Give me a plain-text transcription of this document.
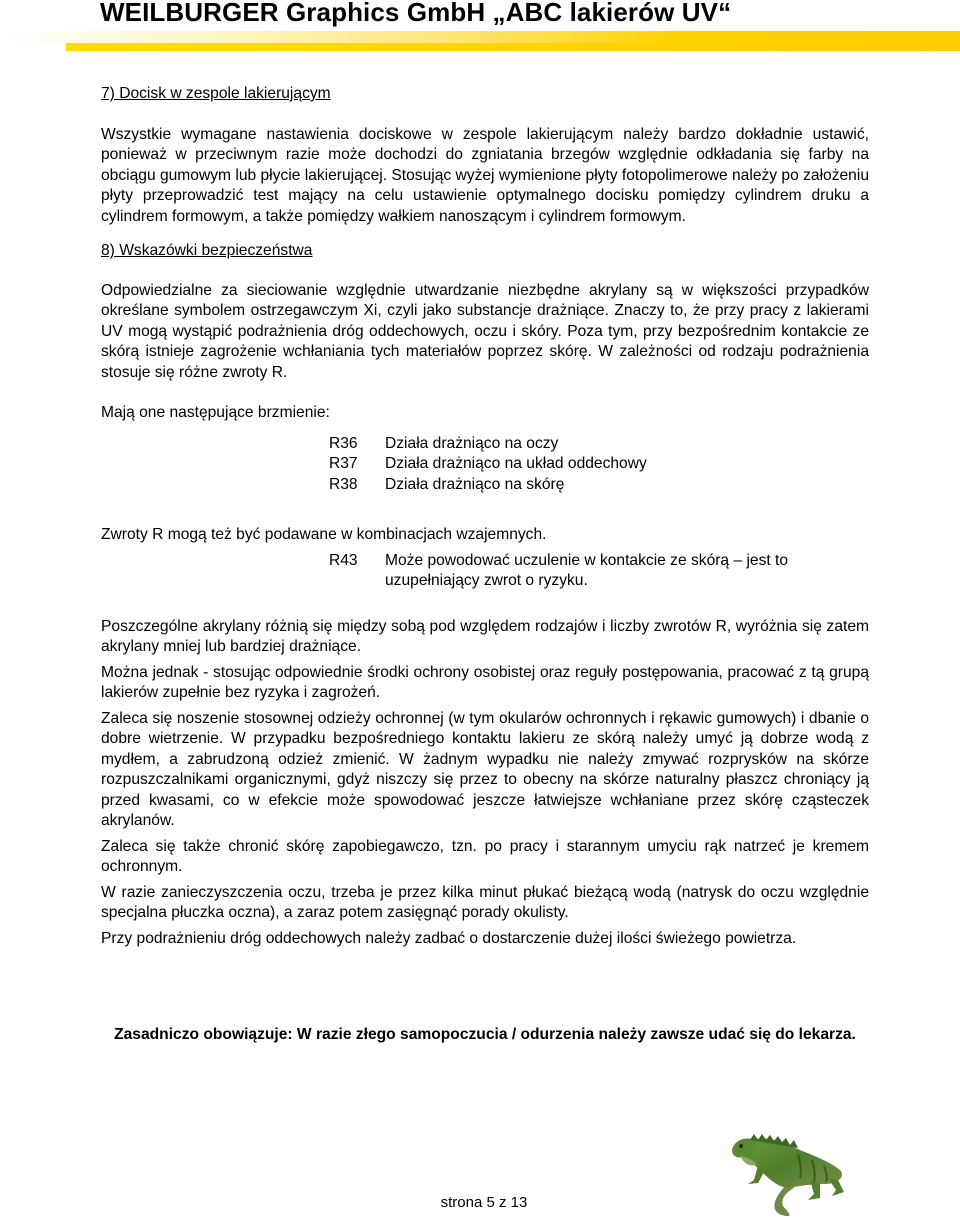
WEILBURGER Graphics GmbH „ABC lakierów UV“

7) Docisk w zespole lakierującym

Wszystkie wymagane nastawienia dociskowe w zespole lakierującym należy bardzo dokładnie ustawić, ponieważ w przeciwnym razie może dochodzi do zgniatania brzegów względnie odkładania się farby na obciągu gumowym lub płycie lakierującej. Stosując wyżej wymienione płyty fotopolimerowe należy po założeniu płyty przeprowadzić test mający na celu ustawienie optymalnego docisku pomiędzy cylindrem druku a cylindrem formowym, a także pomiędzy wałkiem nanoszącym i cylindrem formowym.

8) Wskazówki bezpieczeństwa

Odpowiedzialne za sieciowanie względnie utwardzanie niezbędne akrylany są w większości przypadków określane symbolem ostrzegawczym Xi, czyli jako substancje drażniące. Znaczy to, że przy pracy z lakierami UV mogą wystąpić podrażnienia dróg oddechowych, oczu i skóry. Poza tym, przy bezpośrednim kontakcie ze skórą istnieje zagrożenie wchłaniania tych materiałów poprzez skórę. W zależności od rodzaju podrażnienia stosuje się różne zwroty R.

Mają one następujące brzmienie:

R36	Działa drażniąco na oczy
R37	Działa drażniąco na układ oddechowy
R38	Działa drażniąco na skórę

Zwroty R mogą też być podawane w kombinacjach wzajemnych.

R43	Może powodować uczulenie w kontakcie ze skórą – jest to
uzupełniający zwrot o ryzyku.

Poszczególne akrylany różnią się między sobą pod względem rodzajów i liczby zwrotów R, wyróżnia się zatem akrylany mniej lub bardziej drażniące.

Można jednak - stosując odpowiednie środki ochrony osobistej oraz reguły postępowania, pracować z tą grupą lakierów zupełnie bez ryzyka i zagrożeń.

Zaleca się noszenie stosownej odzieży ochronnej (w tym okularów ochronnych i rękawic gumowych) i dbanie o dobre wietrzenie. W przypadku bezpośredniego kontaktu lakieru ze skórą należy umyć ją dobrze wodą z mydłem, a zabrudzoną odzież zmienić. W żadnym wypadku nie należy zmywać rozprysków na skórze rozpuszczalnikami organicznymi, gdyż niszczy się przez to obecny na skórze naturalny płaszcz chroniący ją przed kwasami, co w efekcie może spowodować jeszcze łatwiejsze wchłaniane przez skórę cząsteczek akrylanów.

Zaleca się także chronić skórę zapobiegawczo, tzn. po pracy i starannym umyciu rąk natrzeć je kremem ochronnym.

W razie zanieczyszczenia oczu, trzeba je przez kilka minut płukać bieżącą wodą (natrysk do oczu względnie specjalna płuczka oczna), a zaraz potem zasięgnąć porady okulisty.

Przy podrażnieniu dróg oddechowych należy zadbać o dostarczenie dużej ilości świeżego powietrza.

Zasadniczo obowiązuje: W razie złego samopoczucia / odurzenia należy zawsze udać się do lekarza.
strona 5 z 13
